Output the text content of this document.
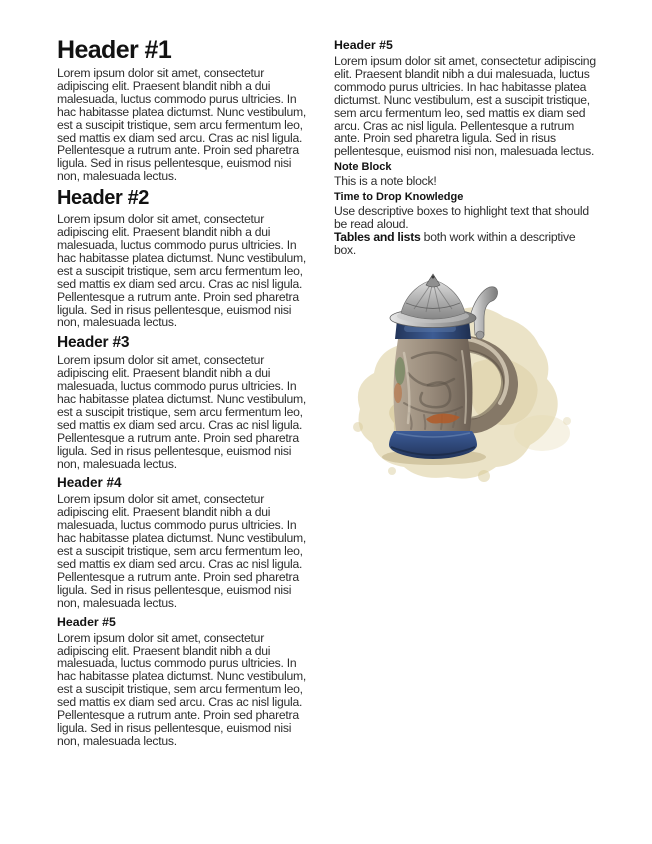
Header #1

Lorem ipsum dolor sit amet, consectetur adipiscing elit. Praesent blandit nibh a dui malesuada, luctus commodo purus ultricies. In hac habitasse platea dictumst. Nunc vestibulum, est a suscipit tristique, sem arcu fermentum leo, sed mattis ex diam sed arcu. Cras ac nisl ligula. Pellentesque a rutrum ante. Proin sed pharetra ligula. Sed in risus pellentesque, euismod nisi non, malesuada lectus.

Header #2

Lorem ipsum dolor sit amet, consectetur adipiscing elit. Praesent blandit nibh a dui malesuada, luctus commodo purus ultricies. In hac habitasse platea dictumst. Nunc vestibulum, est a suscipit tristique, sem arcu fermentum leo, sed mattis ex diam sed arcu. Cras ac nisl ligula. Pellentesque a rutrum ante. Proin sed pharetra ligula. Sed in risus pellentesque, euismod nisi non, malesuada lectus.

Header #3

Lorem ipsum dolor sit amet, consectetur adipiscing elit. Praesent blandit nibh a dui malesuada, luctus commodo purus ultricies. In hac habitasse platea dictumst. Nunc vestibulum, est a suscipit tristique, sem arcu fermentum leo, sed mattis ex diam sed arcu. Cras ac nisl ligula. Pellentesque a rutrum ante. Proin sed pharetra ligula. Sed in risus pellentesque, euismod nisi non, malesuada lectus.

Header #4

Lorem ipsum dolor sit amet, consectetur adipiscing elit. Praesent blandit nibh a dui malesuada, luctus commodo purus ultricies. In hac habitasse platea dictumst. Nunc vestibulum, est a suscipit tristique, sem arcu fermentum leo, sed mattis ex diam sed arcu. Cras ac nisl ligula. Pellentesque a rutrum ante. Proin sed pharetra ligula. Sed in risus pellentesque, euismod nisi non, malesuada lectus.

Header #5

Lorem ipsum dolor sit amet, consectetur adipiscing elit. Praesent blandit nibh a dui malesuada, luctus commodo purus ultricies. In hac habitasse platea dictumst. Nunc vestibulum, est a suscipit tristique, sem arcu fermentum leo, sed mattis ex diam sed arcu. Cras ac nisl ligula. Pellentesque a rutrum ante. Proin sed pharetra ligula. Sed in risus pellentesque, euismod nisi non, malesuada lectus.

Header #5

Lorem ipsum dolor sit amet, consectetur adipiscing elit. Praesent blandit nibh a dui malesuada, luctus commodo purus ultricies. In hac habitasse platea dictumst. Nunc vestibulum, est a suscipit tristique, sem arcu fermentum leo, sed mattis ex diam sed arcu. Cras ac nisl ligula. Pellentesque a rutrum ante. Proin sed pharetra ligula. Sed in risus pellentesque, euismod nisi non, malesuada lectus.

Note Block

This is a note block!

Time to Drop Knowledge

Use descriptive boxes to highlight text that should be read aloud.

Tables and lists both work within a descriptive box.
